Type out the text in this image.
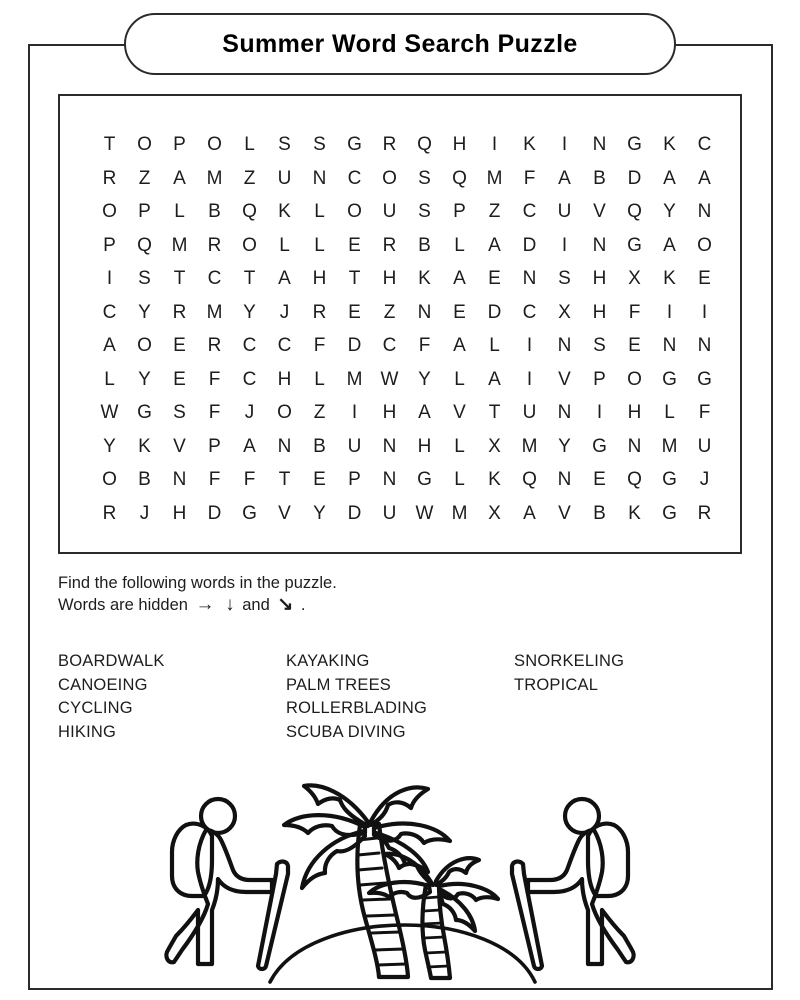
Summer Word Search Puzzle
T O P O L S S G R Q H I K I N G K C
R Z A M Z U N C O S Q M F A B D A A
O P L B Q K L O U S P Z C U V Q Y N
P Q M R O L L E R B L A D I N G A O
I S T C T A H T H K A E N S H X K E
C Y R M Y J R E Z N E D C X H F I I
A O E R C C F D C F A L I N S E N N
L Y E F C H L M W Y L A I V P O G G
W G S F J O Z I H A V T U N I H L F
Y K V P A N B U N H L X M Y G N M U
O B N F F T E P N G L K Q N E Q G J
R J H D G V Y D U W M X A V B K G R
Find the following words in the puzzle.
Words are hidden → ↓ and ↘ .
BOARDWALK
CANOEING
CYCLING
HIKING
KAYAKING
PALM TREES
ROLLERBLADING
SCUBA DIVING
SNORKELING
TROPICAL
